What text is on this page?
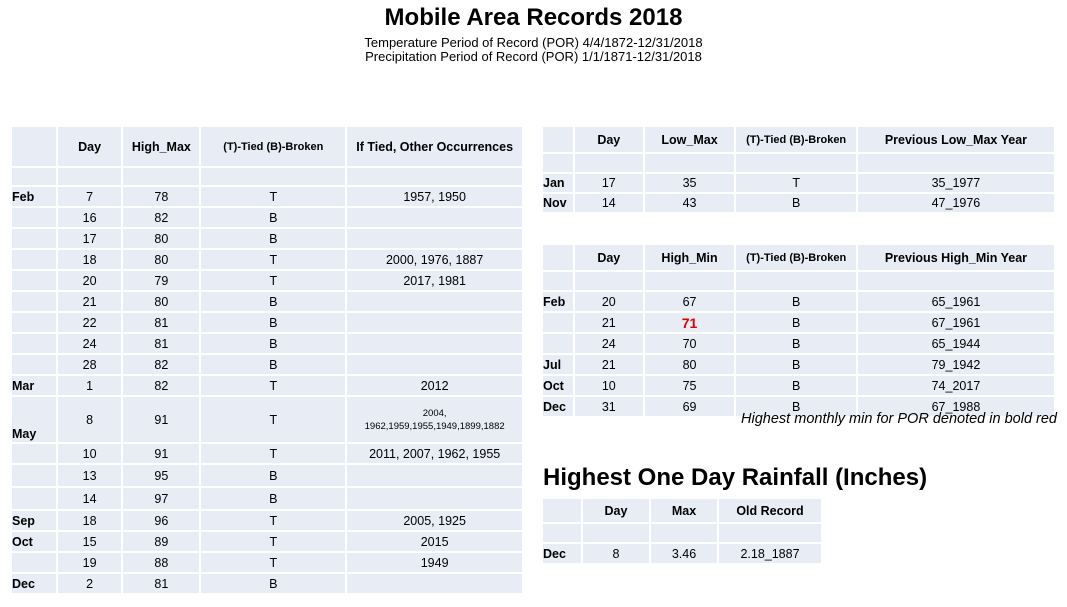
Mobile Area Records 2018
Temperature Period of Record (POR) 4/4/1872-12/31/2018
Precipitation Period of Record (POR) 1/1/1871-12/31/2018
	Day	High_Max	(T)-Tied (B)-Broken	If Tied, Other Occurrences

Feb	7	78	T	1957, 1950
	16	82	B	
	17	80	B	
	18	80	T	2000, 1976, 1887
	20	79	T	2017, 1981
	21	80	B	
	22	81	B	
	24	81	B	
	28	82	B	
Mar	1	82	T	2012
May	8	91	T	2004,
1962,1959,1955,1949,1899,1882

	10	91	T	2011, 2007, 1962, 1955
	13	95	B	
	14	97	B	
Sep	18	96	T	2005, 1925
Oct	15	89	T	2015
	19	88	T	1949
Dec	2	81	B	
	Day	Low_Max	(T)-Tied (B)-Broken	Previous Low_Max Year

Jan	17	35	T	35_1977
Nov	14	43	B	47_1976
	Day	High_Min	(T)-Tied (B)-Broken	Previous High_Min Year

Feb	20	67	B	65_1961
	21	71	B	67_1961
	24	70	B	65_1944
Jul	21	80	B	79_1942
Oct	10	75	B	74_2017
Dec	31	69	B	67_1988
Highest monthly min for POR denoted in bold red
Highest One Day Rainfall (Inches)
	Day	Max	Old Record

Dec	8	3.46	2.18_1887
